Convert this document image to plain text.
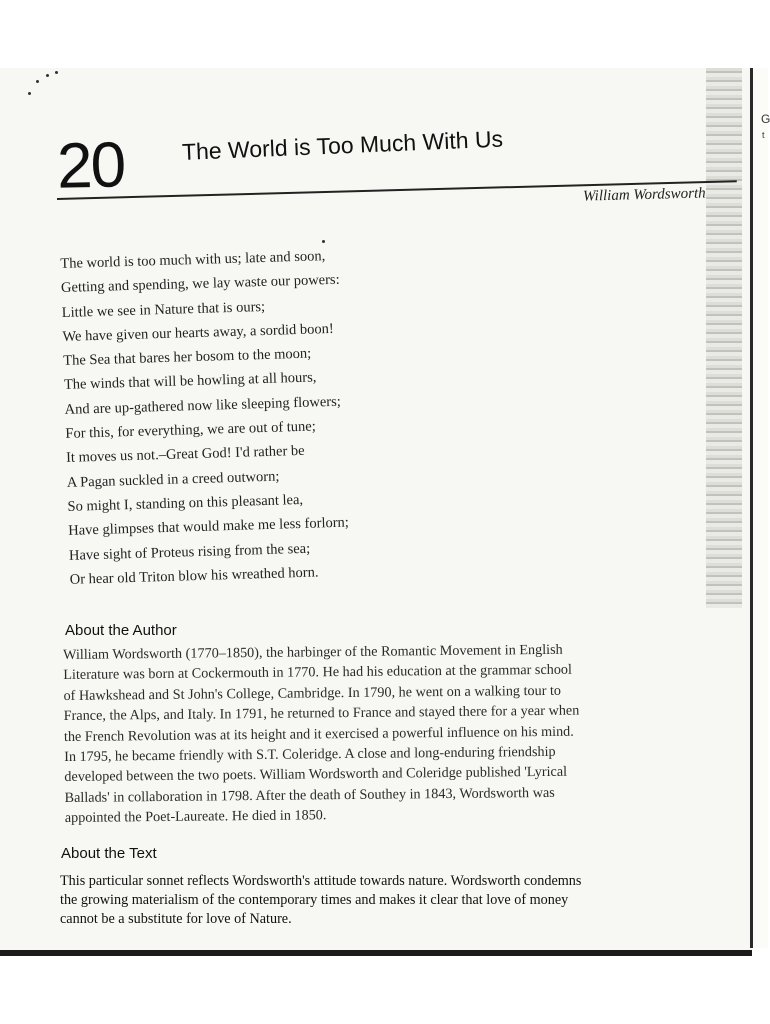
G
t
20 The World is Too Much With Us
William Wordsworth
The world is too much with us; late and soon,
Getting and spending, we lay waste our powers:
Little we see in Nature that is ours;
We have given our hearts away, a sordid boon!
The Sea that bares her bosom to the moon;
The winds that will be howling at all hours,
And are up-gathered now like sleeping flowers;
For this, for everything, we are out of tune;
It moves us not.–Great God! I'd rather be
A Pagan suckled in a creed outworn;
So might I, standing on this pleasant lea,
Have glimpses that would make me less forlorn;
Have sight of Proteus rising from the sea;
Or hear old Triton blow his wreathed horn.
About the Author
William Wordsworth (1770–1850), the harbinger of the Romantic Movement in English
Literature was born at Cockermouth in 1770. He had his education at the grammar school
of Hawkshead and St John's College, Cambridge. In 1790, he went on a walking tour to
France, the Alps, and Italy. In 1791, he returned to France and stayed there for a year when
the French Revolution was at its height and it exercised a powerful influence on his mind.
In 1795, he became friendly with S.T. Coleridge. A close and long-enduring friendship
developed between the two poets. William Wordsworth and Coleridge published 'Lyrical
Ballads' in collaboration in 1798. After the death of Southey in 1843, Wordsworth was
appointed the Poet-Laureate. He died in 1850.
About the Text
This particular sonnet reflects Wordsworth's attitude towards nature. Wordsworth condemns
the growing materialism of the contemporary times and makes it clear that love of money
cannot be a substitute for love of Nature.
